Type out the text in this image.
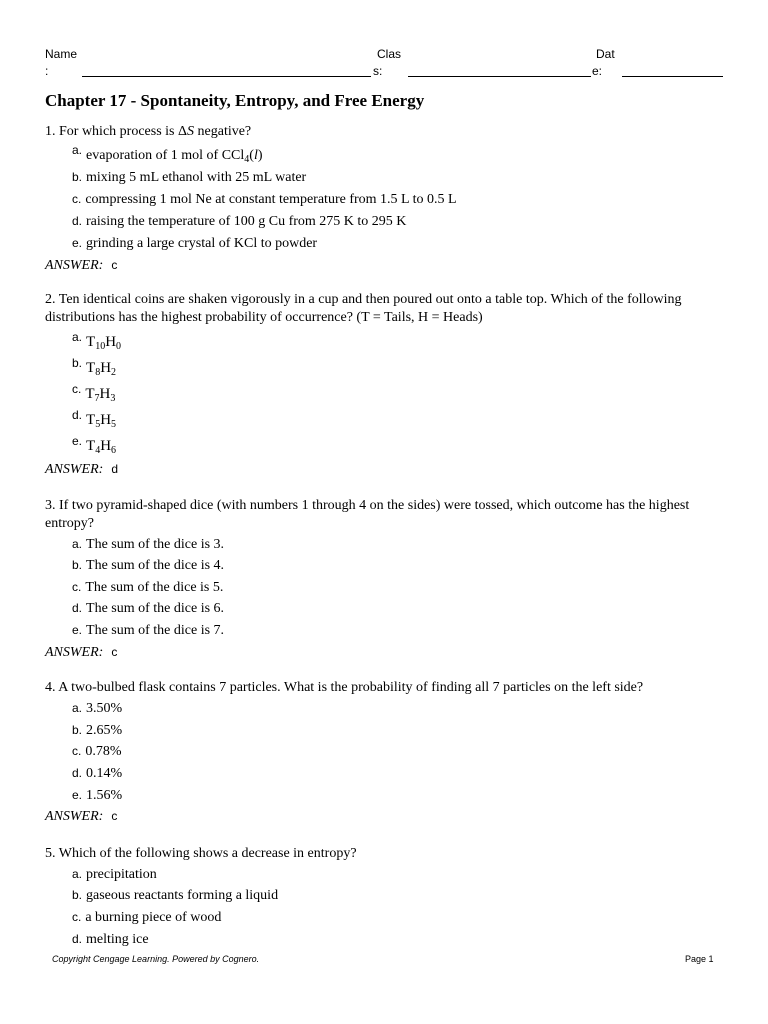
Name
:
Clas
s:
Dat
e:
Chapter 17 - Spontaneity, Entropy, and Free Energy
1. For which process is ΔS negative?
a. evaporation of 1 mol of CCl$_4$(l)
b. mixing 5 mL ethanol with 25 mL water
c. compressing 1 mol Ne at constant temperature from 1.5 L to 0.5 L
d. raising the temperature of 100 g Cu from 275 K to 295 K
e. grinding a large crystal of KCl to powder
ANSWER: c
2. Ten identical coins are shaken vigorously in a cup and then poured out onto a table top. Which of the following distributions has the highest probability of occurrence? (T = Tails, H = Heads)
a. $T_{10}H_0$
b. $T_8H_2$
c. $T_7H_3$
d. $T_5H_5$
e. $T_4H_6$
ANSWER: d
3. If two pyramid-shaped dice (with numbers 1 through 4 on the sides) were tossed, which outcome has the highest entropy?
a. The sum of the dice is 3.
b. The sum of the dice is 4.
c. The sum of the dice is 5.
d. The sum of the dice is 6.
e. The sum of the dice is 7.
ANSWER: c
4. A two-bulbed flask contains 7 particles. What is the probability of finding all 7 particles on the left side?
a. 3.50%
b. 2.65%
c. 0.78%
d. 0.14%
e. 1.56%
ANSWER: c
5. Which of the following shows a decrease in entropy?
a. precipitation
b. gaseous reactants forming a liquid
c. a burning piece of wood
d. melting ice
Copyright Cengage Learning. Powered by Cognero.	Page 1
